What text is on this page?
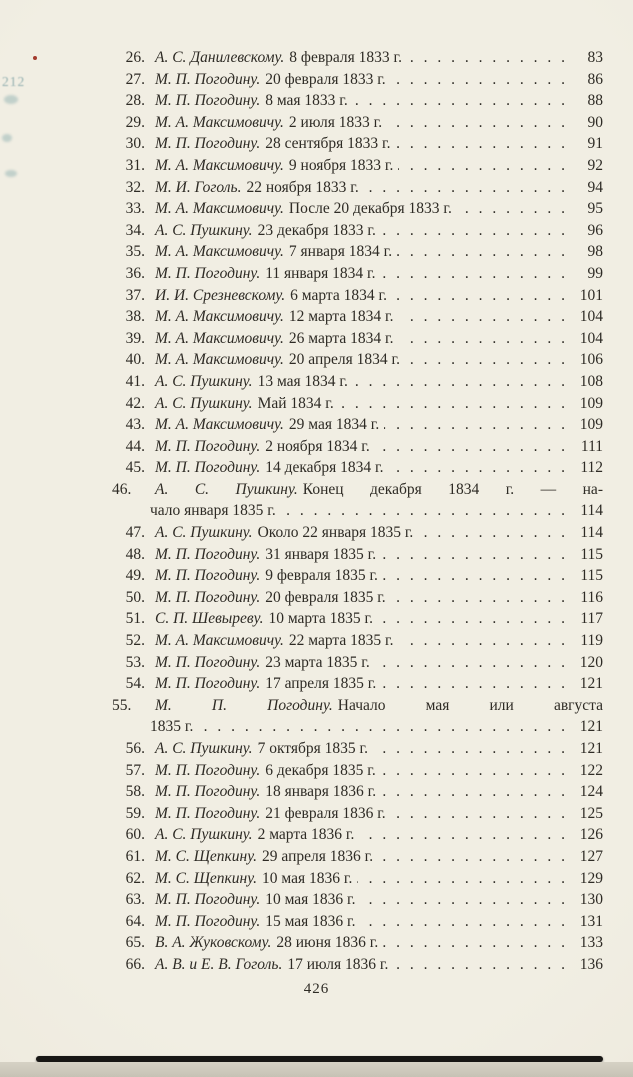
212
26. А. С. Данилевскому. 8 февраля 1833 г. . . .	83
27. М. П. Погодину. 20 февраля 1833 г. . . .	86
28. М. П. Погодину. 8 мая 1833 г. . . .	88
29. М. А. Максимовичу. 2 июля 1833 г. . . .	90
30. М. П. Погодину. 28 сентября 1833 г. . . .	91
31. М. А. Максимовичу. 9 ноября 1833 г. . . .	92
32. М. И. Гоголь. 22 ноября 1833 г. . . .	94
33. М. А. Максимовичу. После 20 декабря 1833 г. . . .	95
34. А. С. Пушкину. 23 декабря 1833 г. . . .	96
35. М. А. Максимовичу. 7 января 1834 г. . . .	98
36. М. П. Погодину. 11 января 1834 г. . . .	99
37. И. И. Срезневскому. 6 марта 1834 г. . . .	101
38. М. А. Максимовичу. 12 марта 1834 г. . . .	104
39. М. А. Максимовичу. 26 марта 1834 г. . . .	104
40. М. А. Максимовичу. 20 апреля 1834 г. . . .	106
41. А. С. Пушкину. 13 мая 1834 г. . . .	108
42. А. С. Пушкину. Май 1834 г. . . .	109
43. М. А. Максимовичу. 29 мая 1834 г. . . .	109
44. М. П. Погодину. 2 ноября 1834 г. . . .	111
45. М. П. Погодину. 14 декабря 1834 г. . . .	112
46. А. С. Пушкину. Конец декабря 1834 г. — на-
чало января 1835 г. . . .	114
47. А. С. Пушкину. Около 22 января 1835 г. . . .	114
48. М. П. Погодину. 31 января 1835 г. . . .	115
49. М. П. Погодину. 9 февраля 1835 г. . . .	115
50. М. П. Погодину. 20 февраля 1835 г. . . .	116
51. С. П. Шевыреву. 10 марта 1835 г. . . .	117
52. М. А. Максимовичу. 22 марта 1835 г. . . .	119
53. М. П. Погодину. 23 марта 1835 г. . . .	120
54. М. П. Погодину. 17 апреля 1835 г. . . .	121
55. М. П. Погодину. Начало мая или августа
1835 г. . . .	121
56. А. С. Пушкину. 7 октября 1835 г. . . .	121
57. М. П. Погодину. 6 декабря 1835 г. . . .	122
58. М. П. Погодину. 18 января 1836 г. . . .	124
59. М. П. Погодину. 21 февраля 1836 г. . . .	125
60. А. С. Пушкину. 2 марта 1836 г. . . .	126
61. М. С. Щепкину. 29 апреля 1836 г. . . .	127
62. М. С. Щепкину. 10 мая 1836 г. . . .	129
63. М. П. Погодину. 10 мая 1836 г. . . .	130
64. М. П. Погодину. 15 мая 1836 г. . . .	131
65. В. А. Жуковскому. 28 июня 1836 г. . . .	133
66. А. В. и Е. В. Гоголь. 17 июля 1836 г. . . .	136
426
